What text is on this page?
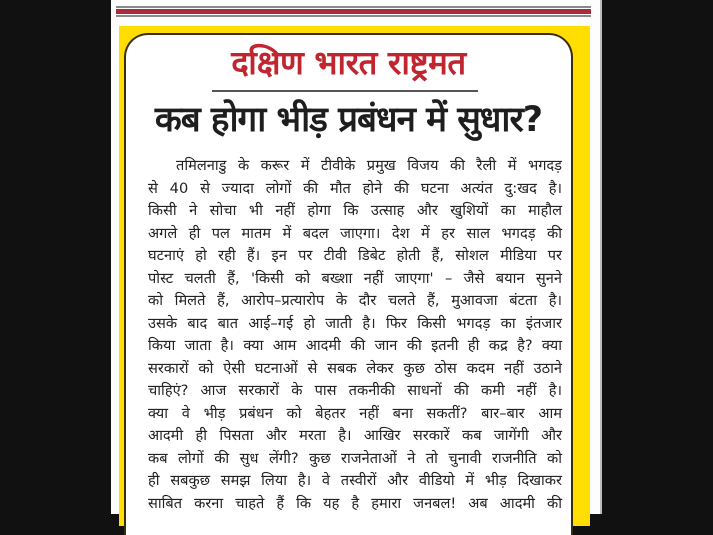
दक्षिण भारत राष्ट्रमत
कब होगा भीड़ प्रबंधन में सुधार?
तमिलनाडु के करूर में टीवीके प्रमुख विजय की रैली में भगदड़
से 40 से ज्यादा लोगों की मौत होने की घटना अत्यंत दु:खद है।
किसी ने सोचा भी नहीं होगा कि उत्साह और खुशियों का माहौल
अगले ही पल मातम में बदल जाएगा। देश में हर साल भगदड़ की
घटनाएं हो रही हैं। इन पर टीवी डिबेट होती हैं, सोशल मीडिया पर
पोस्ट चलती हैं, 'किसी को बख्शा नहीं जाएगा' – जैसे बयान सुनने
को मिलते हैं, आरोप–प्रत्यारोप के दौर चलते हैं, मुआवजा बंटता है।
उसके बाद बात आई–गई हो जाती है। फिर किसी भगदड़ का इंतजार
किया जाता है। क्या आम आदमी की जान की इतनी ही कद्र है? क्या
सरकारों को ऐसी घटनाओं से सबक लेकर कुछ ठोस कदम नहीं उठाने
चाहिएं? आज सरकारों के पास तकनीकी साधनों की कमी नहीं है।
क्या वे भीड़ प्रबंधन को बेहतर नहीं बना सकतीं? बार–बार आम
आदमी ही पिसता और मरता है। आखिर सरकारें कब जागेंगी और
कब लोगों की सुध लेंगी? कुछ राजनेताओं ने तो चुनावी राजनीति को
ही सबकुछ समझ लिया है। वे तस्वीरों और वीडियो में भीड़ दिखाकर
साबित करना चाहते हैं कि यह है हमारा जनबल! अब आदमी की
